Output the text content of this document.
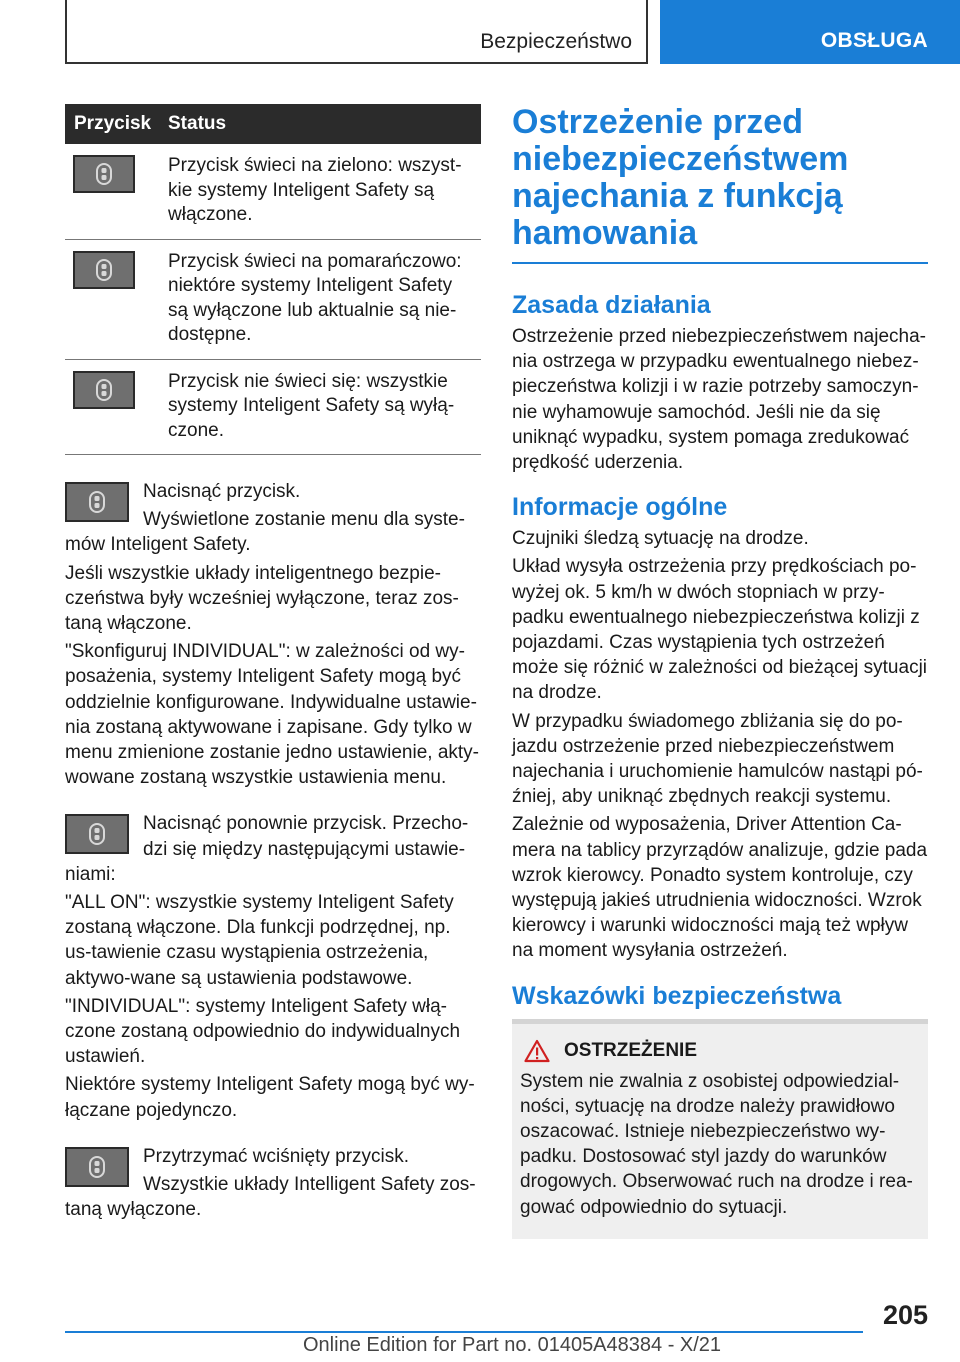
Bezpieczeństwo	OBSŁUGA
Przycisk Status

Przycisk świeci na zielono: wszyst-kie systemy Inteligent Safety są włączone.

Przycisk świeci na pomarańczowo: niektóre systemy Inteligent Safety są wyłączone lub aktualnie są nie-dostępne.

Przycisk nie świeci się: wszystkie systemy Inteligent Safety są wyłą-czone.

Nacisnąć przycisk.

Wyświetlone zostanie menu dla syste-mów Inteligent Safety.

Jeśli wszystkie układy inteligentnego bezpie-czeństwa były wcześniej wyłączone, teraz zos-taną włączone.

"Skonfiguruj INDIVIDUAL": w zależności od wy-posażenia, systemy Inteligent Safety mogą być oddzielnie konfigurowane. Indywidualne ustawie-nia zostaną aktywowane i zapisane. Gdy tylko w menu zmienione zostanie jedno ustawienie, akty-wowane zostaną wszystkie ustawienia menu.

Nacisnąć ponownie przycisk. Przecho-dzi się między następującymi ustawie-niami:

"ALL ON": wszystkie systemy Inteligent Safety zostaną włączone. Dla funkcji podrzędnej, np. us-tawienie czasu wystąpienia ostrzeżenia, aktywo-wane są ustawienia podstawowe.

"INDIVIDUAL": systemy Inteligent Safety włą-czone zostaną odpowiednio do indywidualnych ustawień.

Niektóre systemy Inteligent Safety mogą być wy-łączane pojedynczo.

Przytrzymać wciśnięty przycisk.

Wszystkie układy Intelligent Safety zos-taną wyłączone.

Ostrzeżenie przed niebezpieczeństwem najechania z funkcją hamowania
Zasada działania

Ostrzeżenie przed niebezpieczeństwem najecha-nia ostrzega w przypadku ewentualnego niebez-pieczeństwa kolizji i w razie potrzeby samoczyn-nie wyhamowuje samochód. Jeśli nie da się uniknąć wypadku, system pomaga zredukować prędkość uderzenia.

Informacje ogólne

Czujniki śledzą sytuację na drodze.

Układ wysyła ostrzeżenia przy prędkościach po-wyżej ok. 5 km/h w dwóch stopniach w przy-padku ewentualnego niebezpieczeństwa kolizji z pojazdami. Czas wystąpienia tych ostrzeżeń może się różnić w zależności od bieżącej sytuacji na drodze.

W przypadku świadomego zbliżania się do po-jazdu ostrzeżenie przed niebezpieczeństwem najechania i uruchomienie hamulców nastąpi pó-źniej, aby uniknąć zbędnych reakcji systemu.

Zależnie od wyposażenia, Driver Attention Ca-mera na tablicy przyrządów analizuje, gdzie pada wzrok kierowcy. Ponadto system kontroluje, czy występują jakieś utrudnienia widoczności. Wzrok kierowcy i warunki widoczności mają też wpływ na moment wysyłania ostrzeżeń.

Wskazówki bezpieczeństwa
OSTRZEŻENIE

System nie zwalnia z osobistej odpowiedzial-ności, sytuację na drodze należy prawidłowo oszacować. Istnieje niebezpieczeństwo wy-padku. Dostosować styl jazdy do warunków drogowych. Obserwować ruch na drodze i rea-gować odpowiednio do sytuacji.

205
Online Edition for Part no. 01405A48384 - X/21
